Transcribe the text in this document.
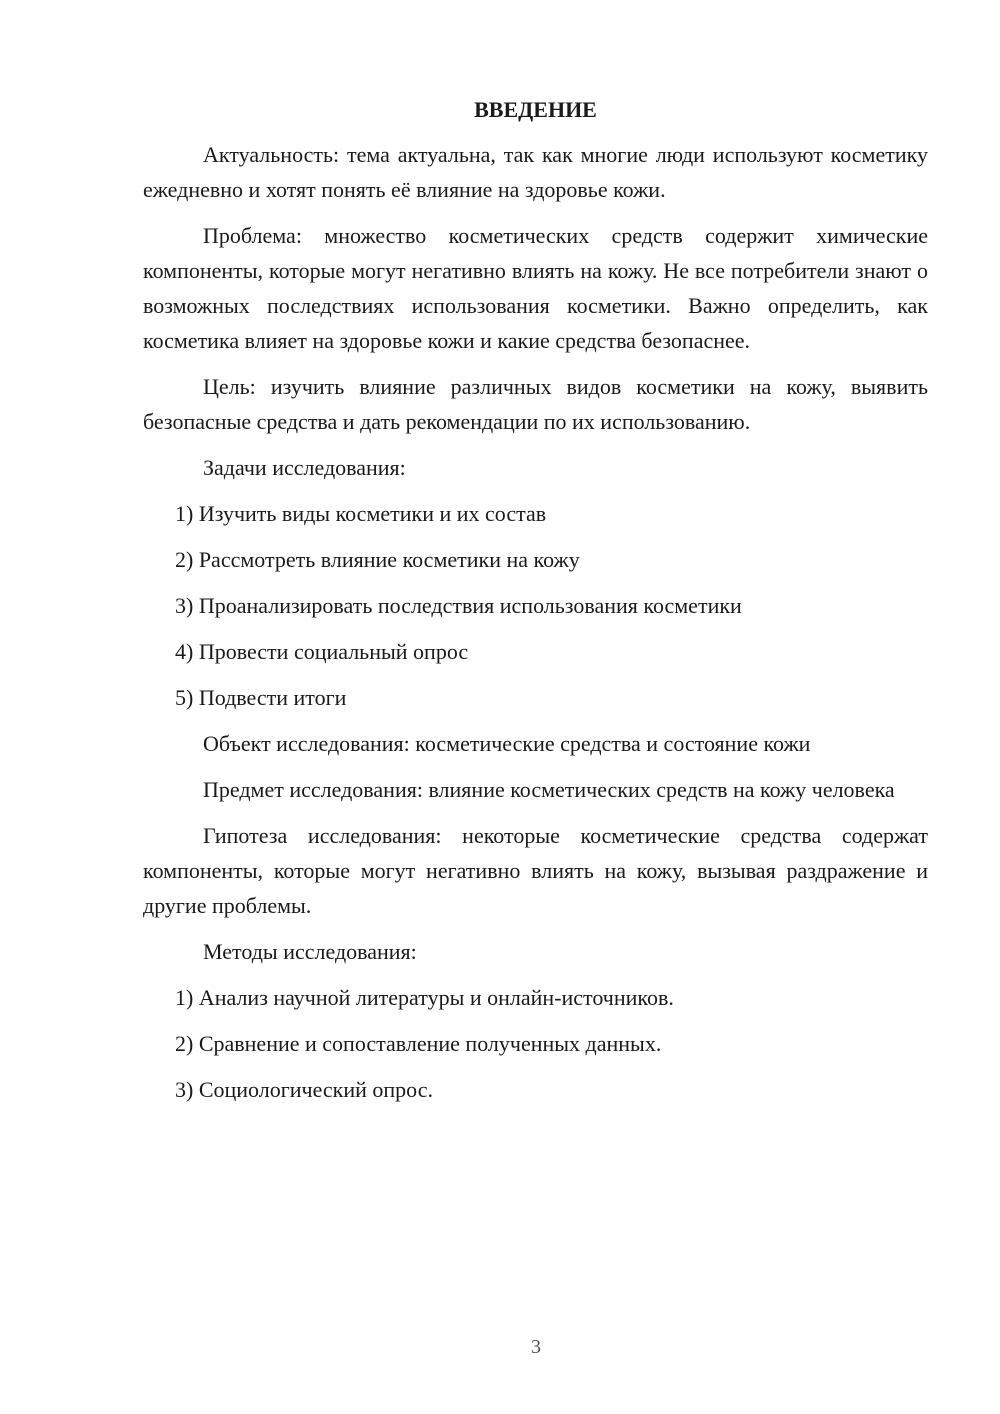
ВВЕДЕНИЕ

Актуальность: тема актуальна, так как многие люди используют косметику ежедневно и хотят понять её влияние на здоровье кожи.

Проблема: множество косметических средств содержит химические компоненты, которые могут негативно влиять на кожу. Не все потребители знают о возможных последствиях использования косметики. Важно определить, как косметика влияет на здоровье кожи и какие средства безопаснее.

Цель: изучить влияние различных видов косметики на кожу, выявить безопасные средства и дать рекомендации по их использованию.

Задачи исследования:
1) Изучить виды косметики и их состав
2) Рассмотреть влияние косметики на кожу
3) Проанализировать последствия использования косметики
4) Провести социальный опрос
5) Подвести итоги
Объект исследования: косметические средства и состояние кожи

Предмет исследования: влияние косметических средств на кожу человека

Гипотеза исследования: некоторые косметические средства содержат компоненты, которые могут негативно влиять на кожу, вызывая раздражение и другие проблемы.

Методы исследования:
1) Анализ научной литературы и онлайн-источников.
2) Сравнение и сопоставление полученных данных.
3) Социологический опрос.
3
